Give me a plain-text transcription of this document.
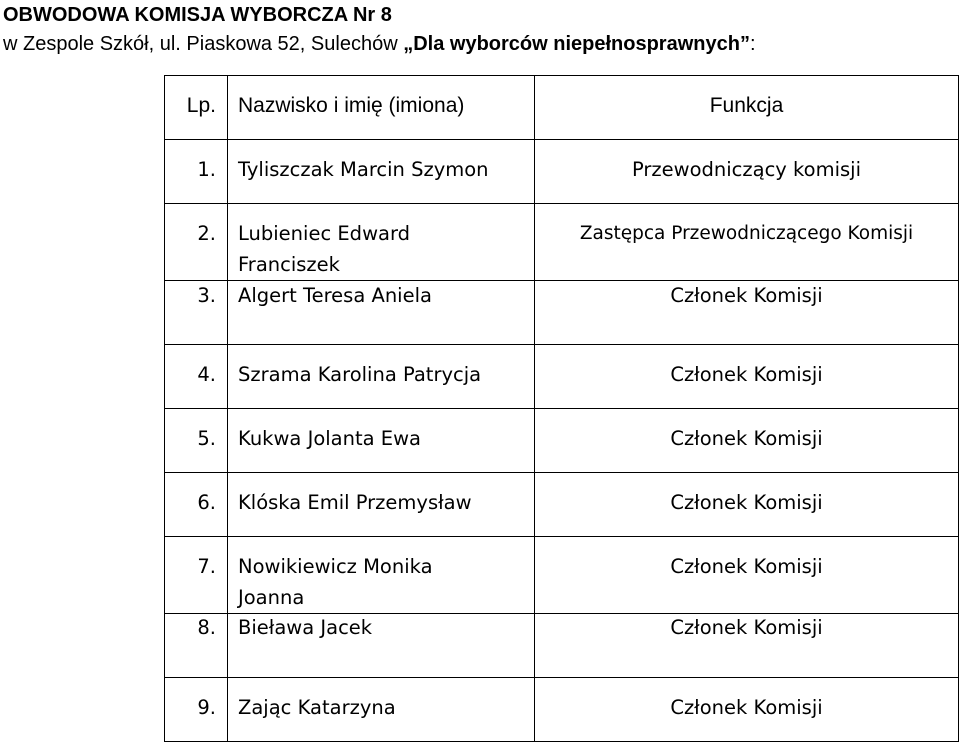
OBWODOWA KOMISJA WYBORCZA Nr 8
w Zespole Szkół, ul. Piaskowa 52, Sulechów „Dla wyborców niepełnosprawnych”:
Lp.	Nazwisko i imię (imiona)	Funkcja

1.	Tyliszczak Marcin Szymon	Przewodniczący komisji

2.	Lubieniec Edward Franciszek	Zastępca Przewodniczącego Komisji

3.	Algert Teresa Aniela	Członek Komisji

4.	Szrama Karolina Patrycja	Członek Komisji

5.	Kukwa Jolanta Ewa	Członek Komisji

6.	Klóska Emil Przemysław	Członek Komisji

7.	Nowikiewicz Monika Joanna	Członek Komisji

8.	Bieława Jacek	Członek Komisji

9.	Zając Katarzyna	Członek Komisji
